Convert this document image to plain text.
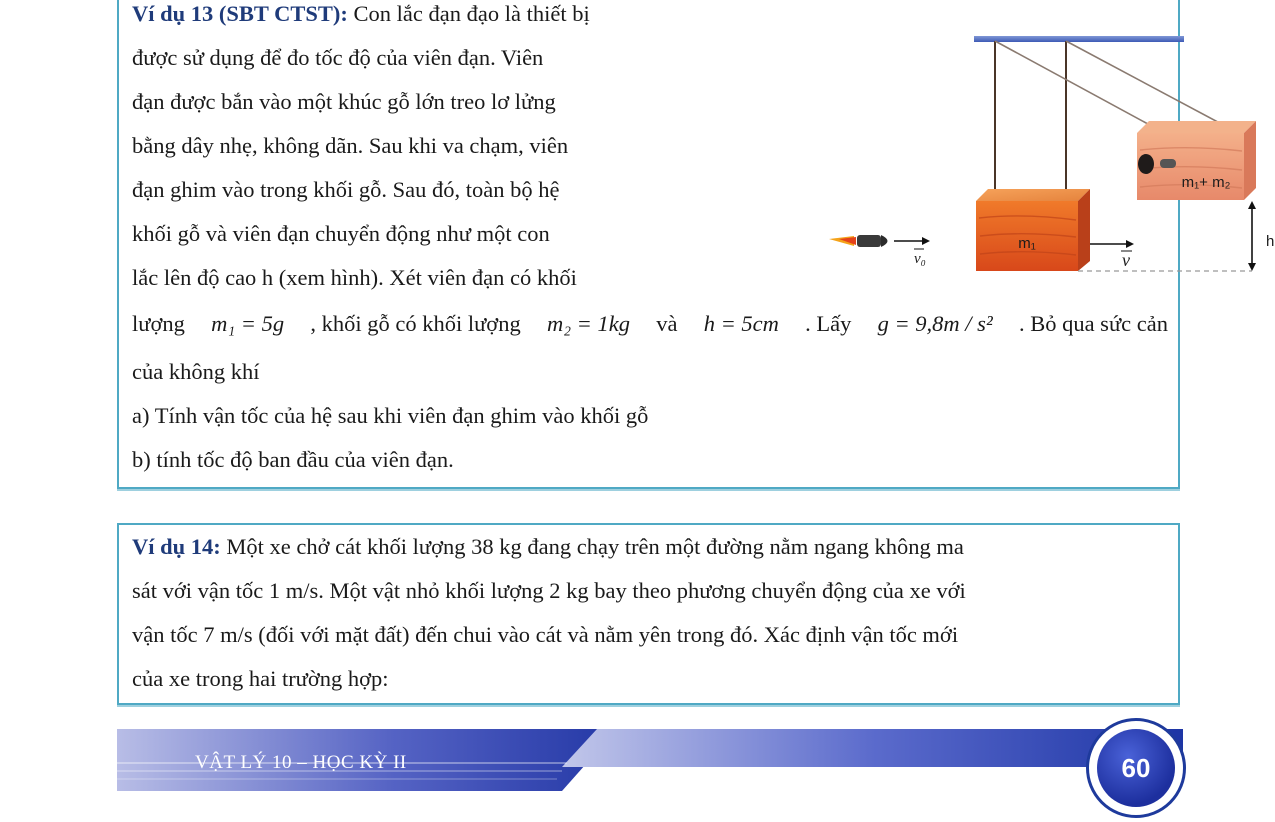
Ví dụ 13 (SBT CTST): Con lắc đạn đạo là thiết bị
được sử dụng để đo tốc độ của viên đạn. Viên
đạn được bắn vào một khúc gỗ lớn treo lơ lửng
bằng dây nhẹ, không dãn. Sau khi va chạm, viên
đạn ghim vào trong khối gỗ. Sau đó, toàn bộ hệ
khối gỗ và viên đạn chuyển động như một con
lắc lên độ cao h (xem hình). Xét viên đạn có khối
lượng m₁ = 5g , khối gỗ có khối lượng m₂ = 1kg và h = 5cm . Lấy g = 9,8m / s² . Bỏ qua sức cản
của không khí
a) Tính vận tốc của hệ sau khi viên đạn ghim vào khối gỗ
b) tính tốc độ ban đầu của viên đạn.
m₁
m₁+ m₂
h
v
v₀
Ví dụ 14: Một xe chở cát khối lượng 38 kg đang chạy trên một đường nằm ngang không ma
sát với vận tốc 1 m/s. Một vật nhỏ khối lượng 2 kg bay theo phương chuyển động của xe với
vận tốc 7 m/s (đối với mặt đất) đến chui vào cát và nằm yên trong đó. Xác định vận tốc mới
của xe trong hai trường hợp:
VẬT LÝ 10 – HỌC KỲ II	60
